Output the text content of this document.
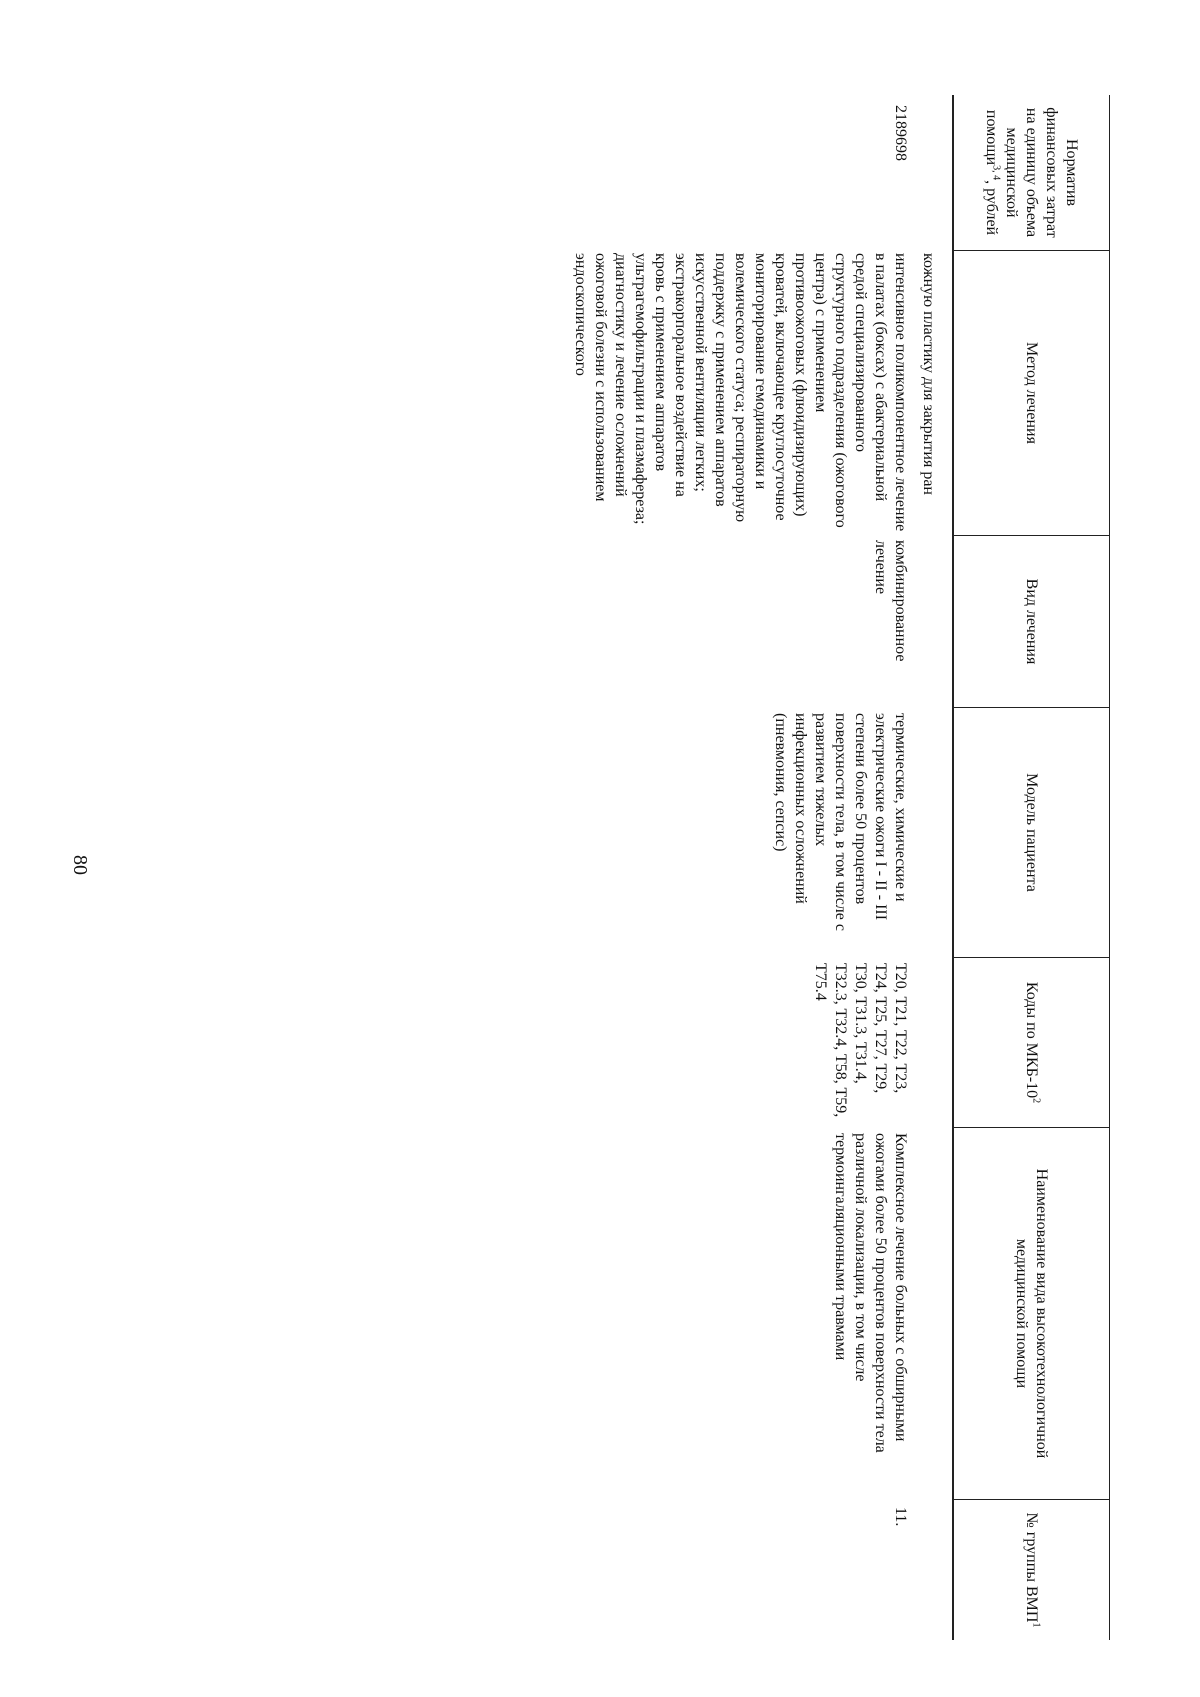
80
Норматив финансовых затрат на единицу объема медицинской помощи$^{3, 4}$, рублей
Метод лечения
Вид лечения
Модель пациента
Коды по МКБ-$10^2$
Наименование вида высокотехнологичной медицинской помощи
№ группы ВМП$^1$
кожную пластику для закрытия ран
2189698
интенсивное поликомпонентное лечение в палатах (боксах) с абактериальной средой специализированного структурного подразделения (ожогового центра) с применением противоожоговых (флюидизирующих) кроватей, включающее круглосуточное мониторирование гемодинамики и волемического статуса; респираторную поддержку с применением аппаратов искусственной вентиляции легких; экстракорпоральное воздействие на кровь с применением аппаратов ультрагемофильтрации и плазмафереза; диагностику и лечение осложнений ожоговой болезни с использованием эндоскопического
комбинированное лечение
термические, химические и электрические ожоги I - II - III степени более 50 процентов поверхности тела, в том числе с развитием тяжелых инфекционных осложнений (пневмония, сепсис)
T20, T21, T22, T23, T24, T25, T27, T29, T30, T31.3, T31.4, T32.3, T32.4, T58, T59, T75.4
Комплексное лечение больных с обширными ожогами более 50 процентов поверхности тела различной локализации, в том числе термоингаляционными травмами
11.
